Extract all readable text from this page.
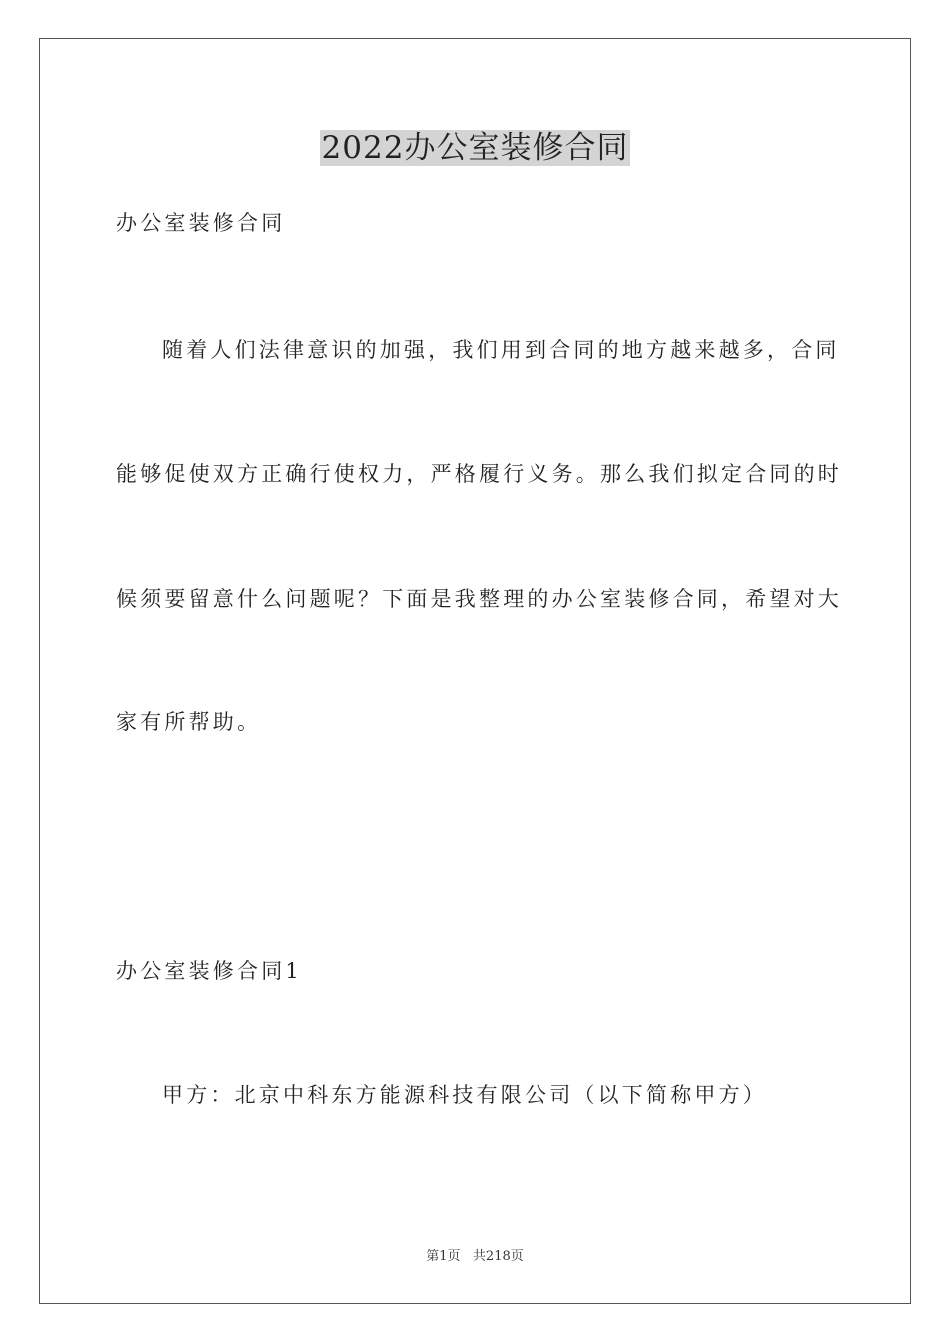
2022办公室装修合同

办公室装修合同

随着人们法律意识的加强，我们用到合同的地方越来越多，合同

能够促使双方正确行使权力，严格履行义务。那么我们拟定合同的时

候须要留意什么问题呢？下面是我整理的办公室装修合同，希望对大

家有所帮助。

办公室装修合同1

甲方：北京中科东方能源科技有限公司（以下简称甲方）

第1页   共218页
